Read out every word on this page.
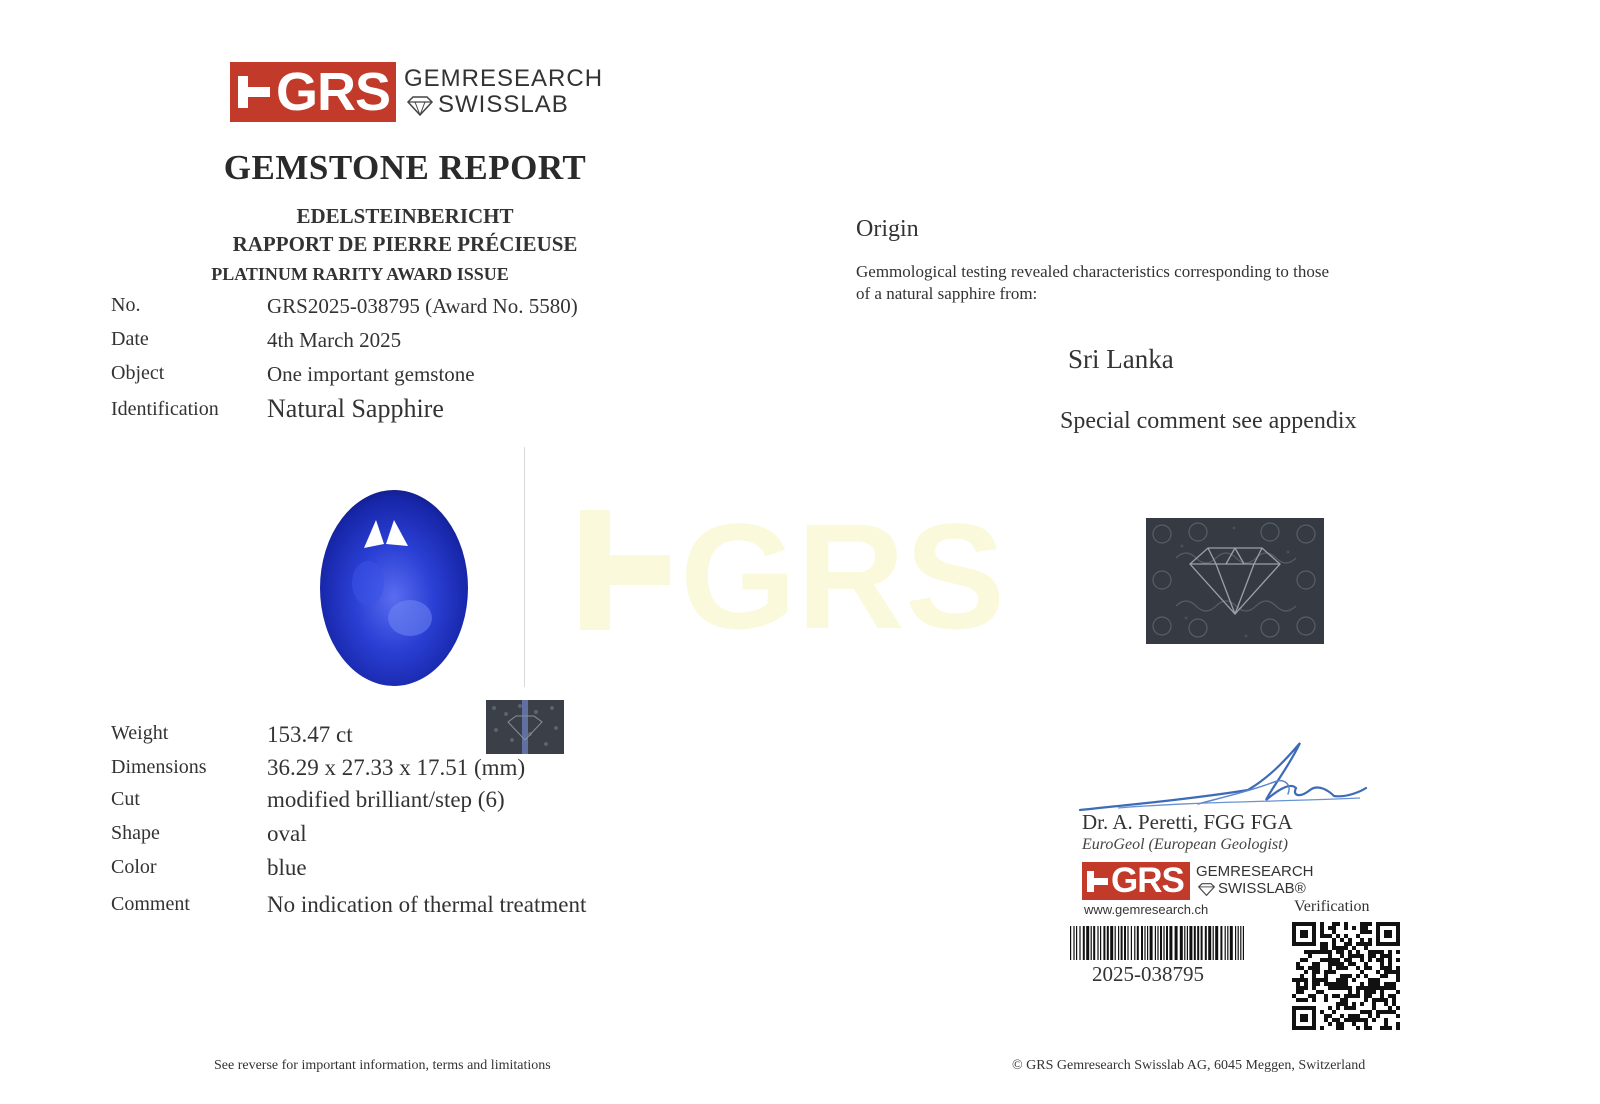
GRS
GRS GEMRESEARCH
SWISSLAB
GEMSTONE REPORT
EDELSTEINBERICHT
RAPPORT DE PIERRE PRÉCIEUSE
PLATINUM RARITY AWARD ISSUE
No.	GRS2025-038795 (Award No. 5580)
Date	4th March 2025
Object	One important gemstone
Identification Natural Sapphire
Weight	153.47 ct
Dimensions	36.29 x 27.33 x 17.51 (mm)
Cut	modified brilliant/step (6)
Shape	oval
Color	blue
Comment	No indication of thermal treatment
Origin
Gemmological testing revealed characteristics corresponding to those
of a natural sapphire from:
Sri Lanka
Special comment see appendix
Dr. A. Peretti, FGG FGA
EuroGeol (European Geologist)
GRS GEMRESEARCH
SWISSLAB®
www.gemresearch.ch
2025-038795
Verification
See reverse for important information, terms and limitations	© GRS Gemresearch Swisslab AG, 6045 Meggen, Switzerland
